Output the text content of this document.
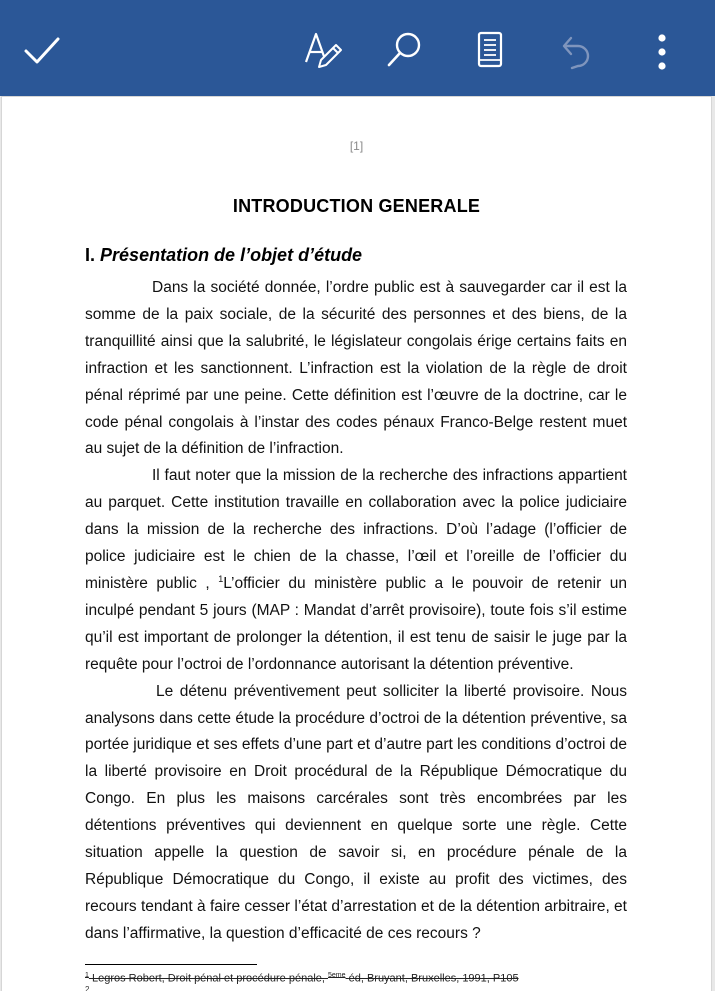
[1]
INTRODUCTION GENERALE
I. Présentation de l’objet d’étude

Dans la société donnée, l’ordre public est à sauvegarder car il est la somme de la paix sociale, de la sécurité des personnes et des biens, de la tranquillité ainsi que la salubrité, le législateur congolais érige certains faits en infraction et les sanctionnent. L’infraction est la violation de la règle de droit pénal réprimé par une peine. Cette définition est l’œuvre de la doctrine, car le code pénal congolais à l’instar des codes pénaux Franco-Belge restent muet au sujet de la définition de l’infraction.

Il faut noter que la mission de la recherche des infractions appartient au parquet. Cette institution travaille en collaboration avec la police judiciaire dans la mission de la recherche des infractions. D’où l’adage (l’officier de police judiciaire est le chien de la chasse, l’œil et l’oreille de l’officier du ministère public , $^1$L’officier du ministère public a le pouvoir de retenir un inculpé pendant 5 jours (MAP : Mandat d’arrêt provisoire), toute fois s’il estime qu’il est important de prolonger la détention, il est tenu de saisir le juge par la requête pour l’octroi de l’ordonnance autorisant la détention préventive.

Le détenu préventivement peut solliciter la liberté provisoire. Nous analysons dans cette étude la procédure d’octroi de la détention préventive, sa portée juridique et ses effets d’une part et d’autre part les conditions d’octroi de la liberté provisoire en Droit procédural de la République Démocratique du Congo. En plus les maisons carcérales sont très encombrées par les détentions préventives qui deviennent en quelque sorte une règle. Cette situation appelle la question de savoir si, en procédure pénale de la République Démocratique du Congo, il existe au profit des victimes, des recours tendant à faire cesser l’état d’arrestation et de la détention arbitraire, et dans l’affirmative, la question d’efficacité de ces recours ?

$^1$ Legros Robert, Droit pénal et procédure pénale, $^{5eme}$ éd, Bruyant, Bruxelles, 1991, P105
2
